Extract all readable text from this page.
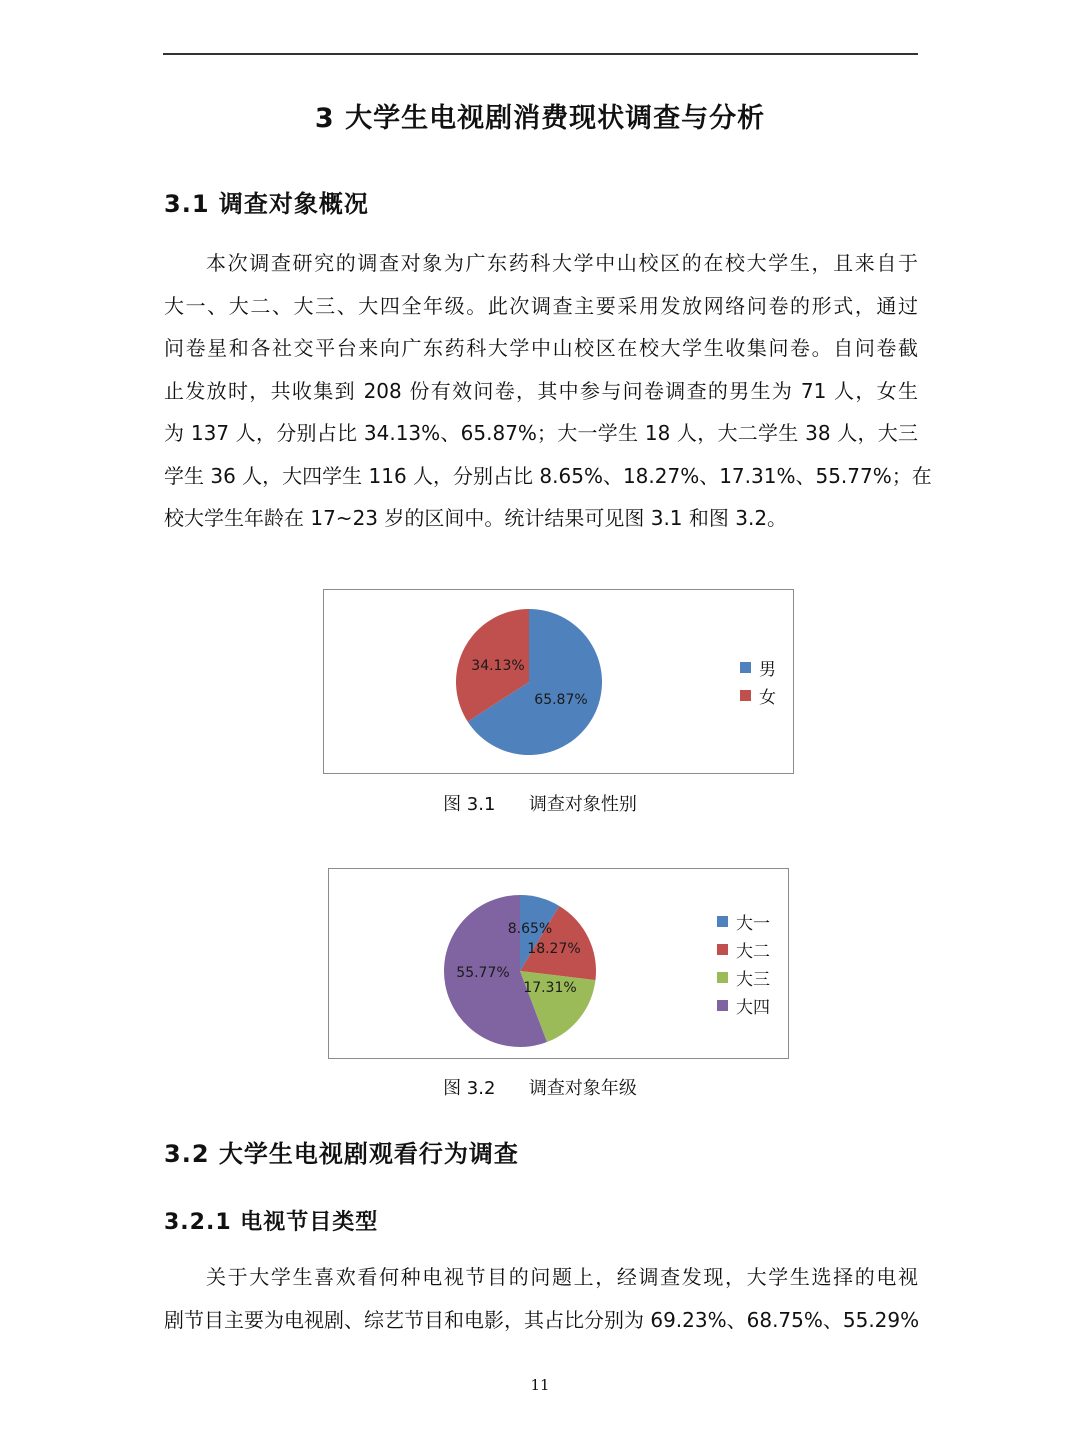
3 大学生电视剧消费现状调查与分析
3.1 调查对象概况
本次调查研究的调查对象为广东药科大学中山校区的在校大学生，且来自于
大一、大二、大三、大四全年级。此次调查主要采用发放网络问卷的形式，通过
问卷星和各社交平台来向广东药科大学中山校区在校大学生收集问卷。自问卷截
止发放时，共收集到 208 份有效问卷，其中参与问卷调查的男生为 71 人，女生
为 137 人，分别占比 34.13%、65.87%；大一学生 18 人，大二学生 38 人，大三
学生 36 人，大四学生 116 人，分别占比 8.65%、18.27%、17.31%、55.77%；在
校大学生年龄在 17~23 岁的区间中。统计结果可见图 3.1 和图 3.2。
65.87%
34.13%	男
女
图 3.1 调查对象性别
8.65%
18.27%
17.31%
55.77%
大一
大二
大三
大四
图 3.2 调查对象年级
3.2 大学生电视剧观看行为调查
3.2.1 电视节目类型
关于大学生喜欢看何种电视节目的问题上，经调查发现，大学生选择的电视
剧节目主要为电视剧、综艺节目和电影，其占比分别为 69.23%、68.75%、55.29%
11
